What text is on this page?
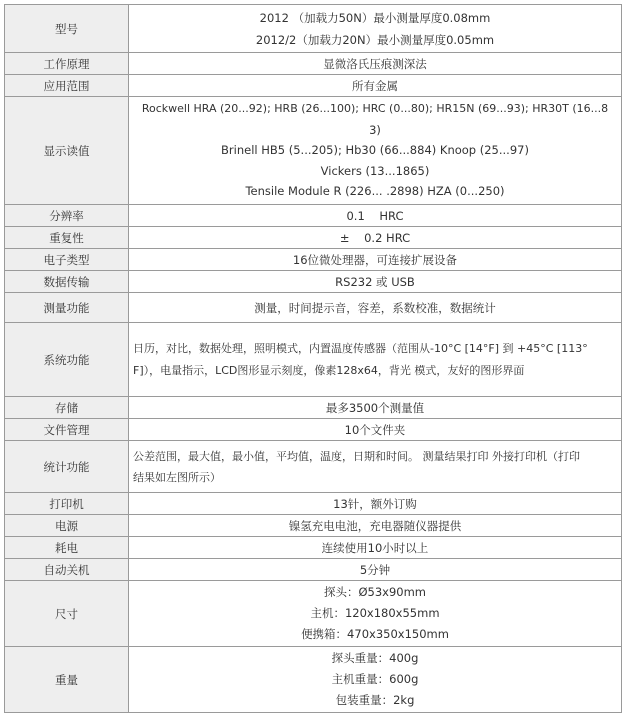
型号	2012 （加载力50N）最小测量厚度0.08mm
2012/2（加载力20N）最小测量厚度0.05mm

工作原理	显微洛氏压痕测深法

应用范围	所有金属

显示读值	Rockwell HRA (20...92); HRB (26...100); HRC (0...80); HR15N (69...93); HR30T (16...8
3)
Brinell HB5 (5...205); Hb30 (66...884) Knoop (25...97)
Vickers (13...1865)
Tensile Module R (226... .2898) HZA (0...250)

分辨率	0.1    HRC

重复性	±    0.2 HRC

电子类型	16位微处理器，可连接扩展设备

数据传输	RS232 或 USB

测量功能	测量，时间提示音，容差，系数校准，数据统计

系统功能	日历，对比，数据处理，照明模式，内置温度传感器（范围从-10°C [14°F] 到 +45°C [113°
F]），电量指示，LCD图形显示刻度，像素128x64，背光 模式，友好的图形界面

存储	最多3500个测量值

文件管理	10个文件夹

统计功能	公差范围，最大值，最小值，平均值，温度，日期和时间。 测量结果打印 外接打印机（打印
结果如左图所示）

打印机	13针，额外订购

电源	镍氢充电电池，充电器随仪器提供

耗电	连续使用10小时以上

自动关机	5分钟

尺寸	探头：Ø53x90mm
主机：120x180x55mm
便携箱：470x350x150mm

重量	探头重量：400g
主机重量：600g
包装重量：2kg
